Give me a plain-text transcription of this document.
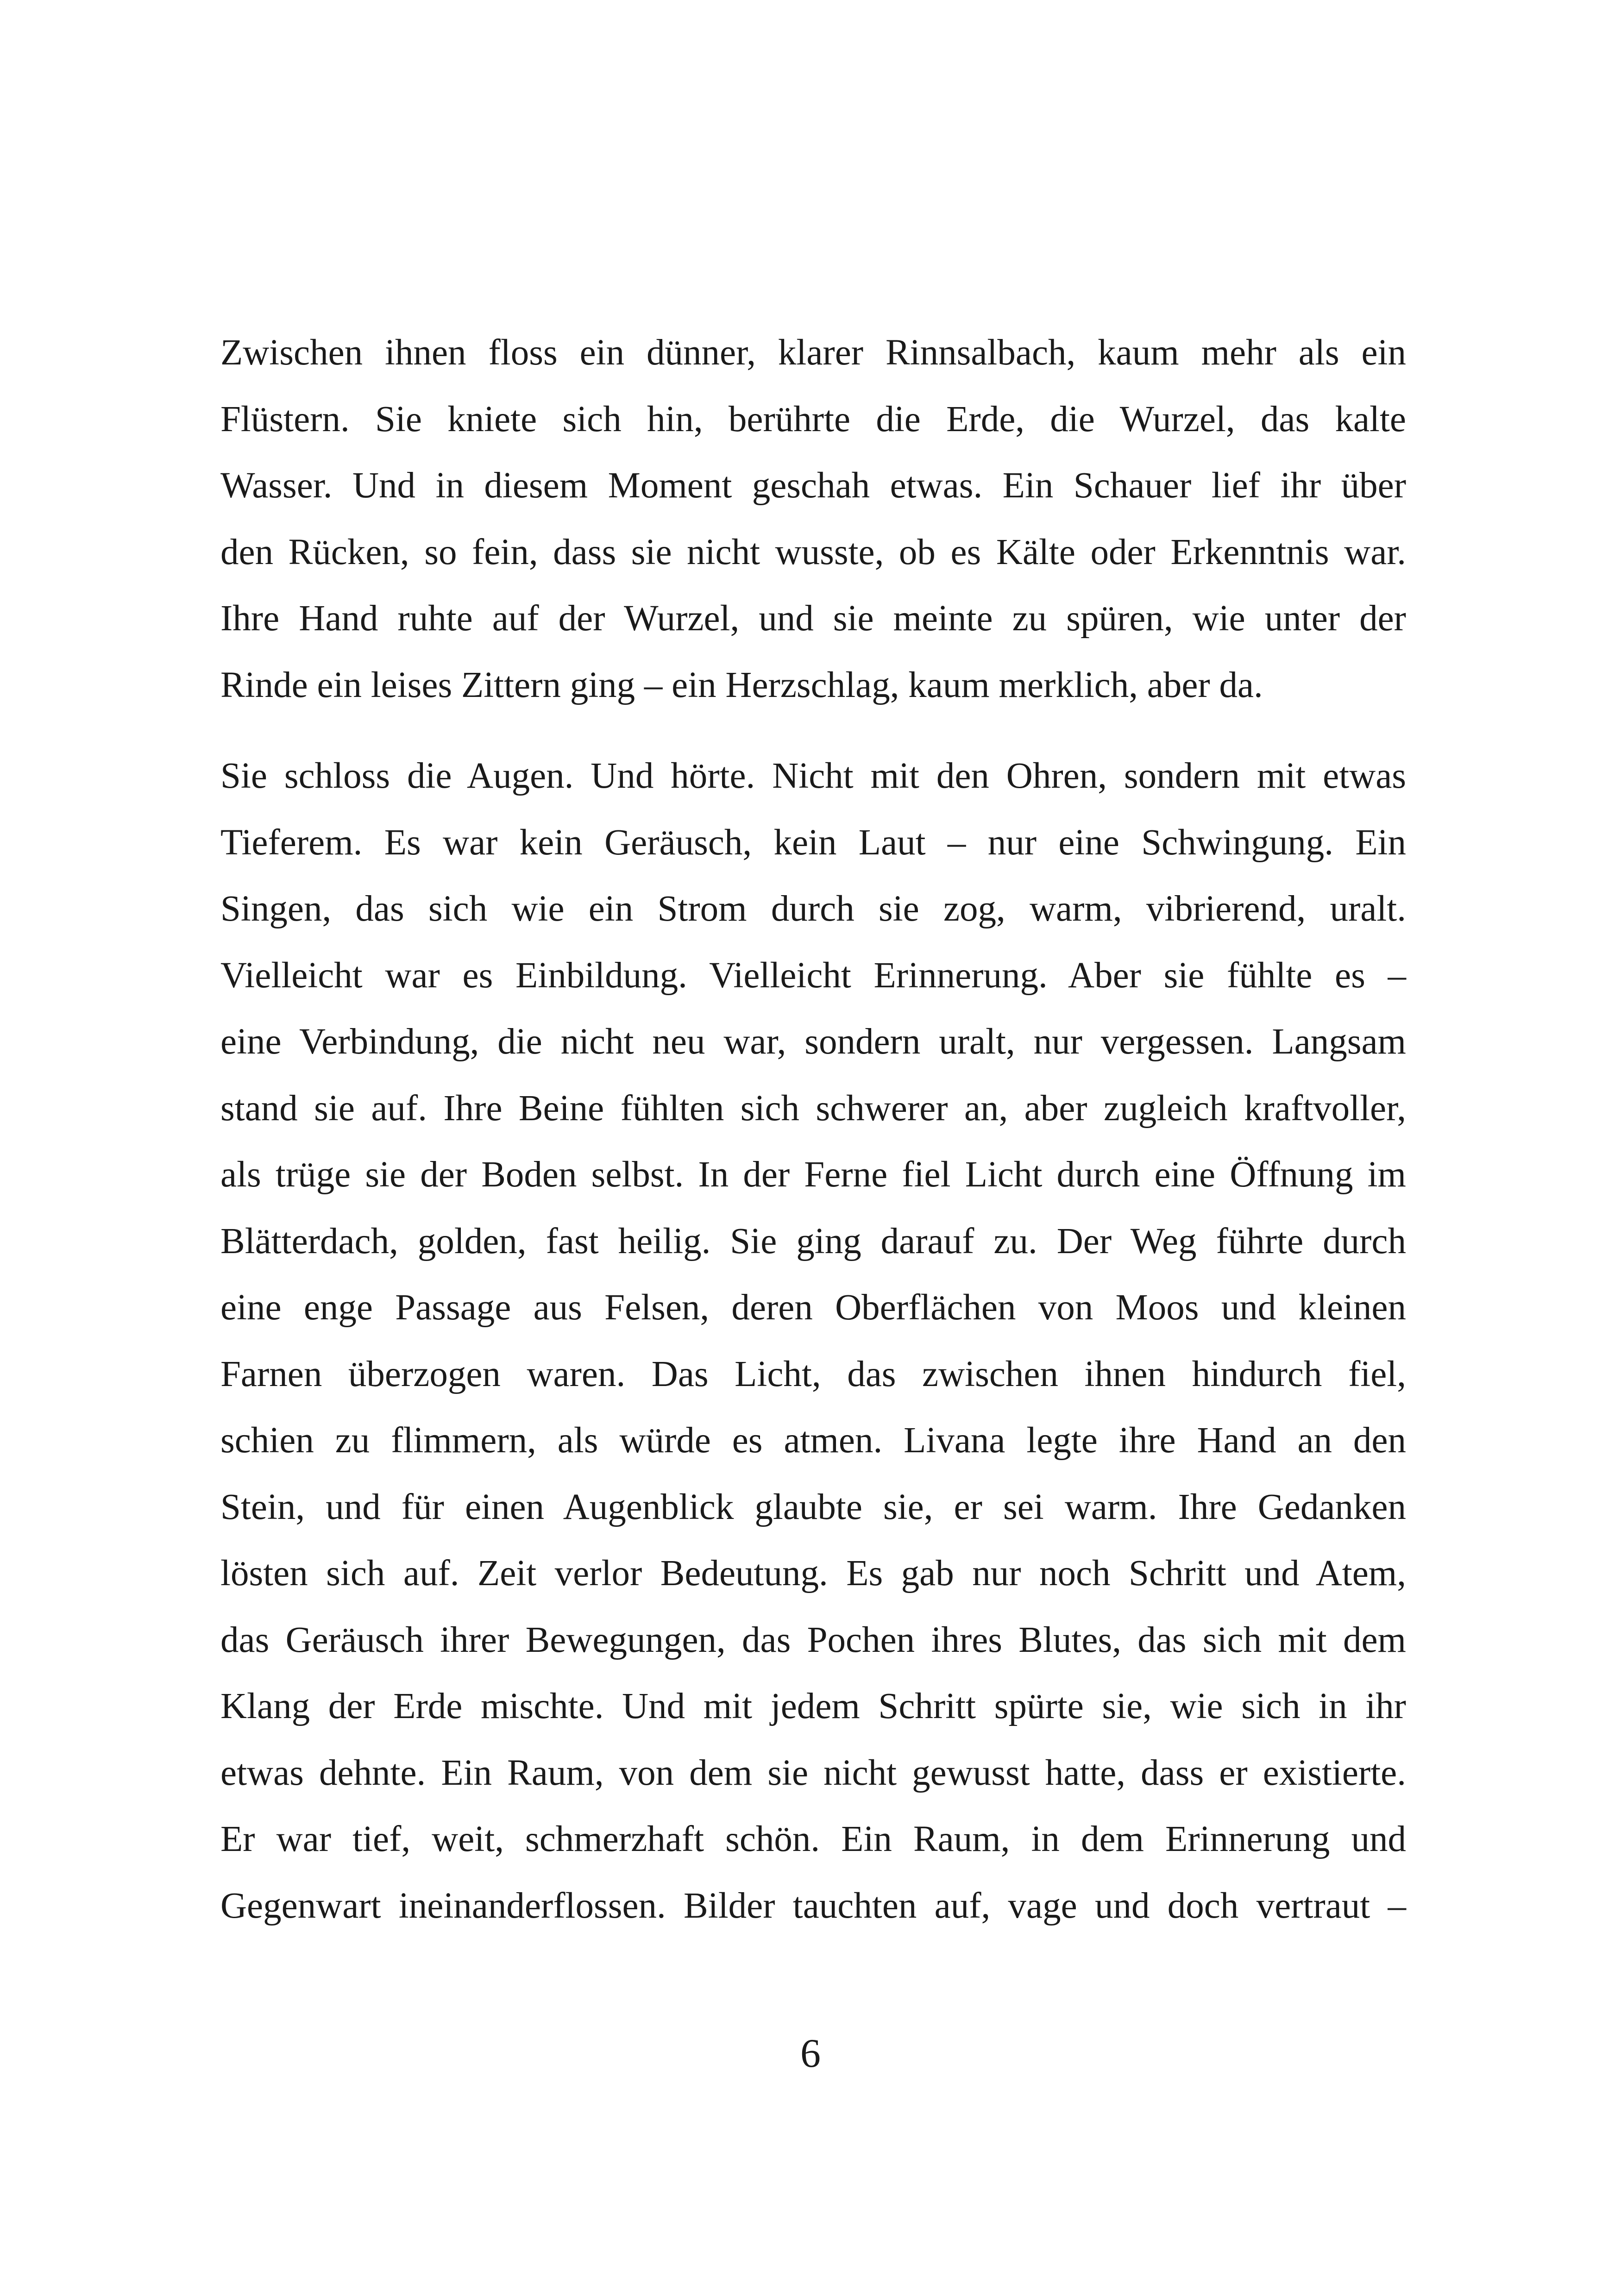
Zwischen ihnen floss ein dünner, klarer Rinnsalbach, kaum mehr als ein
Flüstern. Sie kniete sich hin, berührte die Erde, die Wurzel, das kalte
Wasser. Und in diesem Moment geschah etwas. Ein Schauer lief ihr über
den Rücken, so fein, dass sie nicht wusste, ob es Kälte oder Erkenntnis war.
Ihre Hand ruhte auf der Wurzel, und sie meinte zu spüren, wie unter der
Rinde ein leises Zittern ging – ein Herzschlag, kaum merklich, aber da.
Sie schloss die Augen. Und hörte. Nicht mit den Ohren, sondern mit etwas
Tieferem. Es war kein Geräusch, kein Laut – nur eine Schwingung. Ein
Singen, das sich wie ein Strom durch sie zog, warm, vibrierend, uralt.
Vielleicht war es Einbildung. Vielleicht Erinnerung. Aber sie fühlte es –
eine Verbindung, die nicht neu war, sondern uralt, nur vergessen. Langsam
stand sie auf. Ihre Beine fühlten sich schwerer an, aber zugleich kraftvoller,
als trüge sie der Boden selbst. In der Ferne fiel Licht durch eine Öffnung im
Blätterdach, golden, fast heilig. Sie ging darauf zu. Der Weg führte durch
eine enge Passage aus Felsen, deren Oberflächen von Moos und kleinen
Farnen überzogen waren. Das Licht, das zwischen ihnen hindurch fiel,
schien zu flimmern, als würde es atmen. Livana legte ihre Hand an den
Stein, und für einen Augenblick glaubte sie, er sei warm. Ihre Gedanken
lösten sich auf. Zeit verlor Bedeutung. Es gab nur noch Schritt und Atem,
das Geräusch ihrer Bewegungen, das Pochen ihres Blutes, das sich mit dem
Klang der Erde mischte. Und mit jedem Schritt spürte sie, wie sich in ihr
etwas dehnte. Ein Raum, von dem sie nicht gewusst hatte, dass er existierte.
Er war tief, weit, schmerzhaft schön. Ein Raum, in dem Erinnerung und
Gegenwart ineinanderflossen. Bilder tauchten auf, vage und doch vertraut –
6
